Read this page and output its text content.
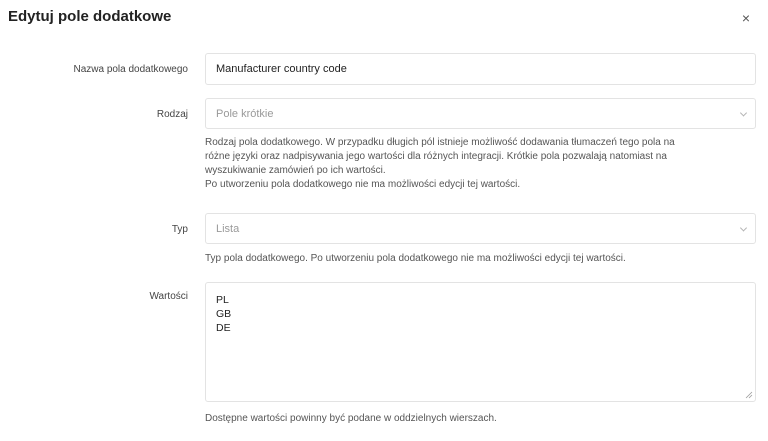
Edytuj pole dodatkowe	×
Nazwa pola dodatkowego	Manufacturer country code
Rodzaj	Pole krótkie
Rodzaj pola dodatkowego. W przypadku długich pól istnieje możliwość dodawania tłumaczeń tego pola na
różne języki oraz nadpisywania jego wartości dla różnych integracji. Krótkie pola pozwalają natomiast na
wyszukiwanie zamówień po ich wartości.
Po utworzeniu pola dodatkowego nie ma możliwości edycji tej wartości.
Typ	Lista
Typ pola dodatkowego. Po utworzeniu pola dodatkowego nie ma możliwości edycji tej wartości.
Wartości	PL
GB
DE
Dostępne wartości powinny być podane w oddzielnych wierszach.
